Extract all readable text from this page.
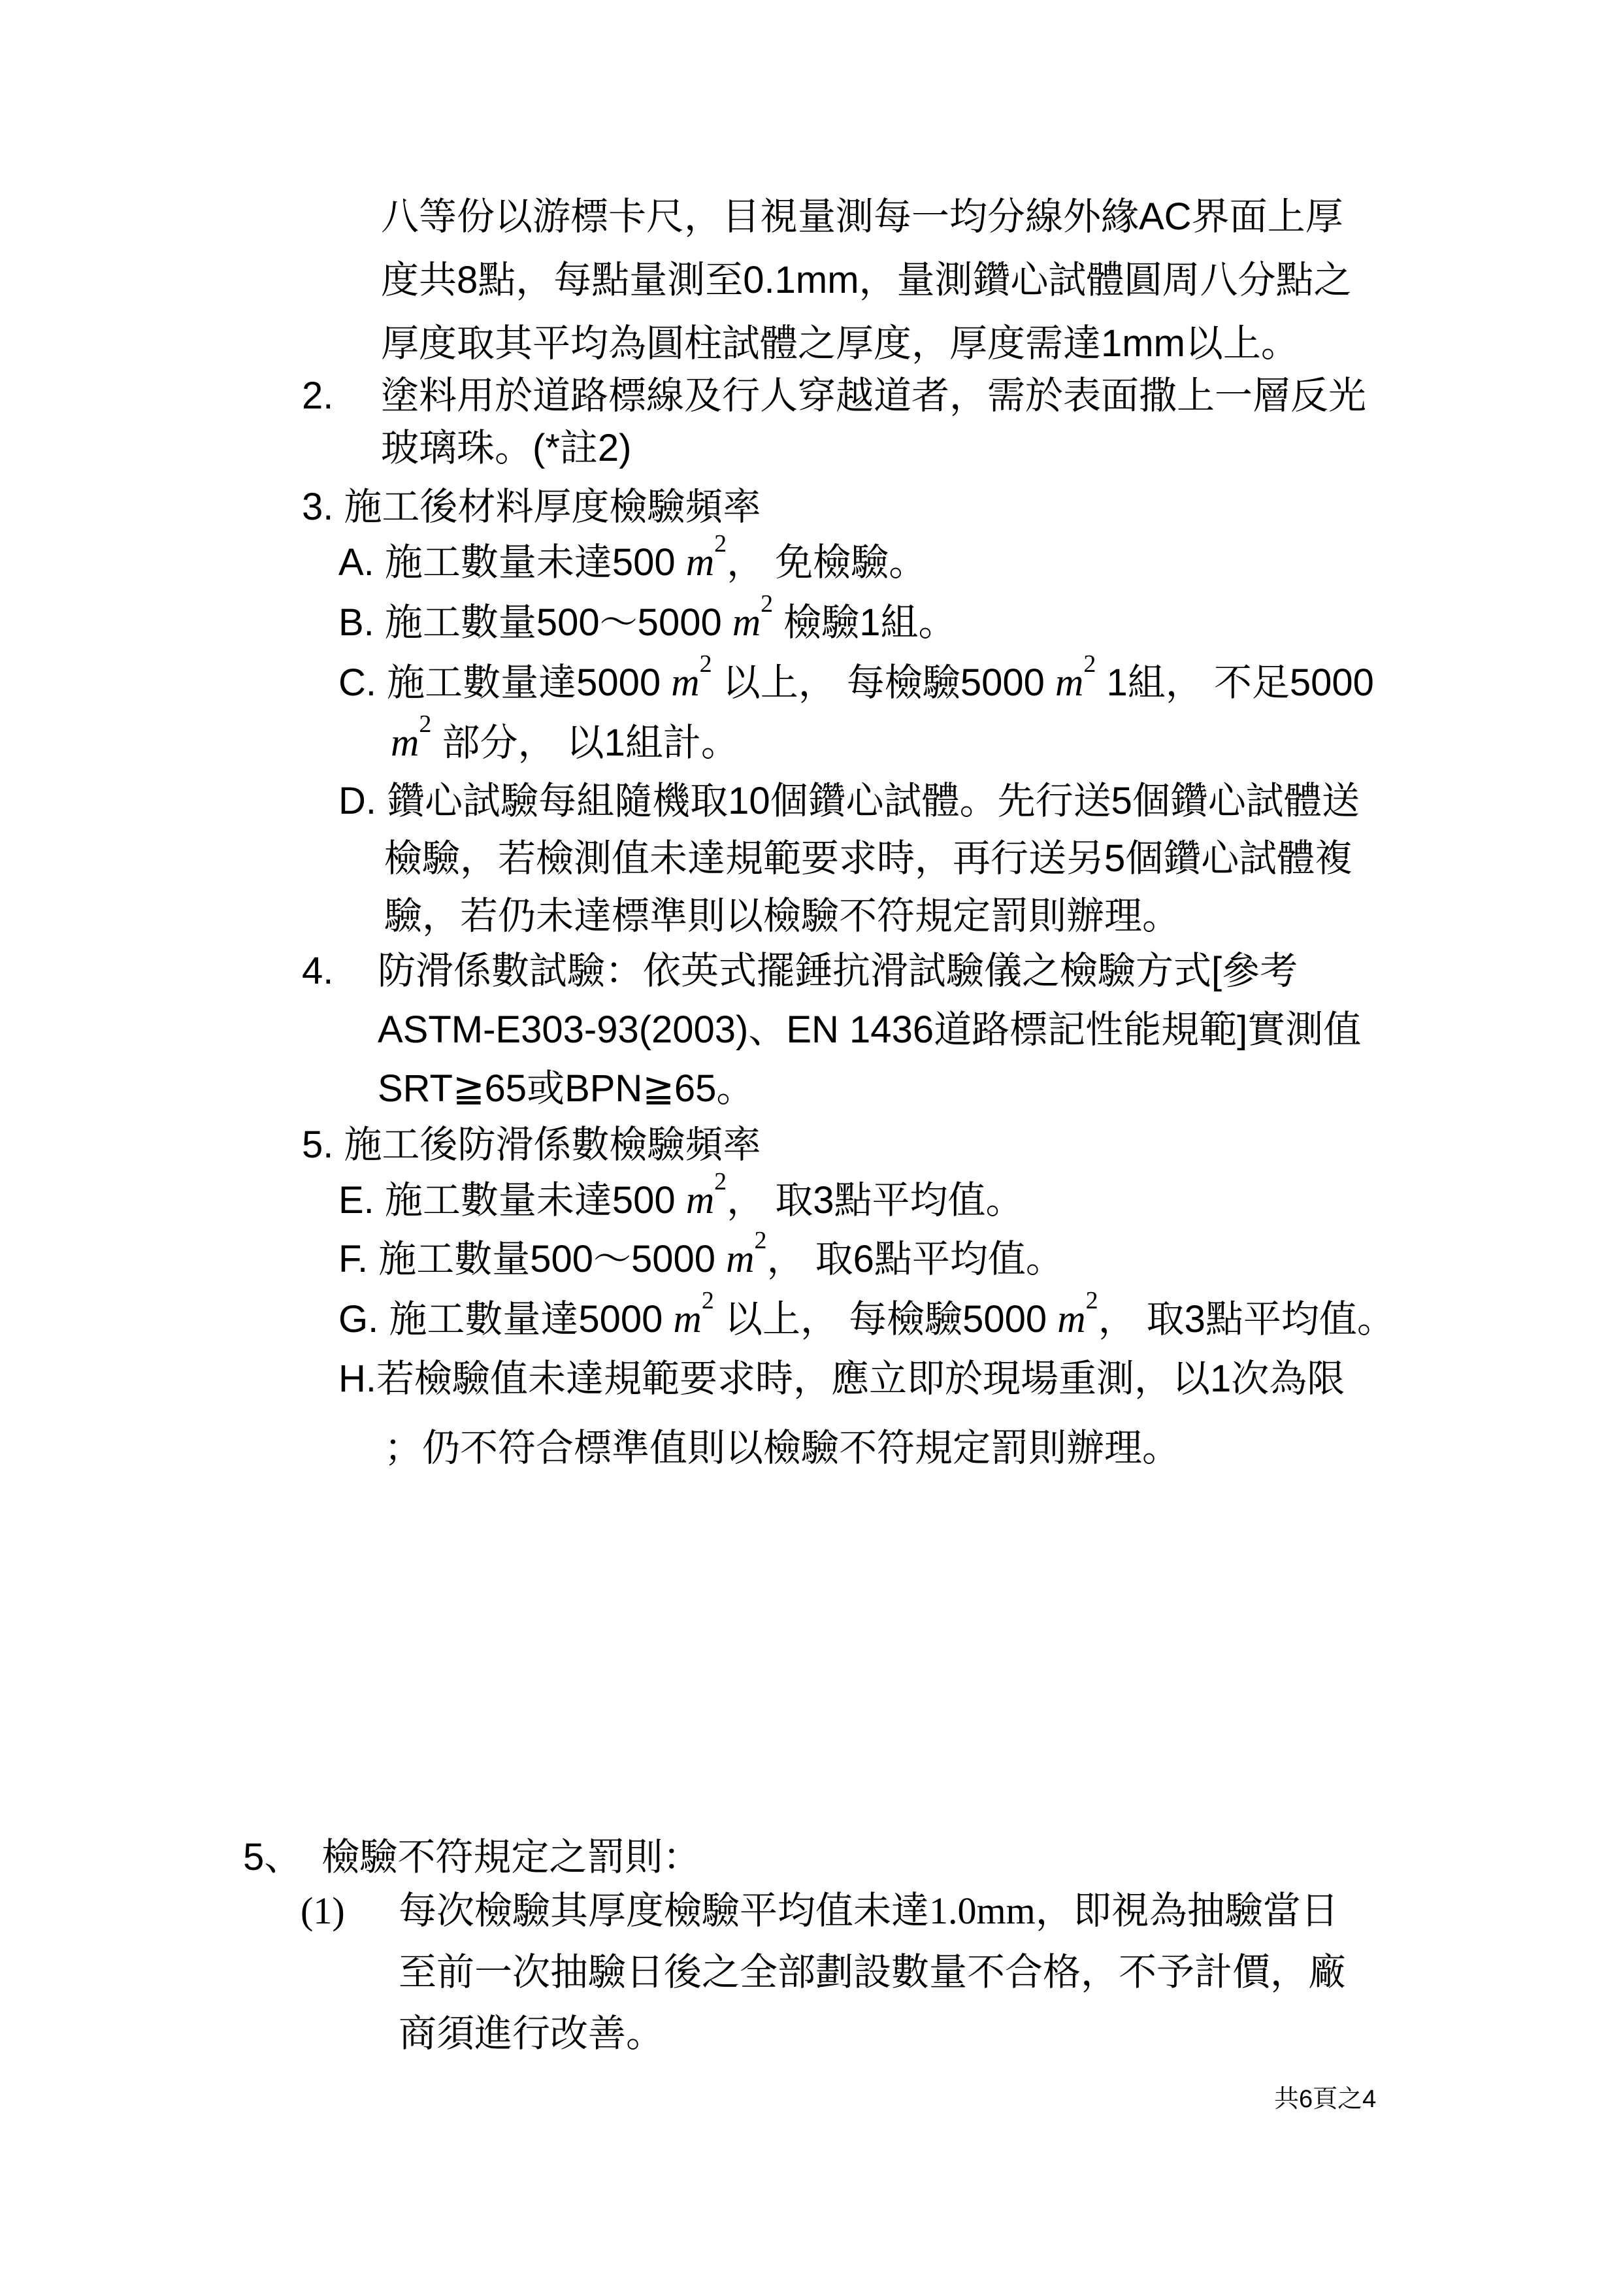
八等份以游標卡尺，目視量測每一均分線外緣AC界面上厚
度共8點，每點量測至0.1mm，量測鑽心試體圓周八分點之
厚度取其平均為圓柱試體之厚度，厚度需達1mm以上。
2. 塗料用於道路標線及行人穿越道者，需於表面撒上一層反光
玻璃珠。(*註2)
3. 施工後材料厚度檢驗頻率
A. 施工數量未達500 $m^2$， 免檢驗。
B. 施工數量500～5000 $m^2$ 檢驗1組。
C. 施工數量達5000 $m^2$ 以上， 每檢驗5000 $m^2$ 1組， 不足5000
$m^2$ 部分， 以1組計。
D. 鑽心試驗每組隨機取10個鑽心試體。先行送5個鑽心試體送
檢驗，若檢測值未達規範要求時，再行送另5個鑽心試體複
驗，若仍未達標準則以檢驗不符規定罰則辦理。
4. 防滑係數試驗：依英式擺錘抗滑試驗儀之檢驗方式[參考
ASTM-E303-93(2003)、EN 1436道路標記性能規範]實測值
SRT≧65或BPN≧65。
5. 施工後防滑係數檢驗頻率
E. 施工數量未達500 $m^2$， 取3點平均值。
F. 施工數量500～5000 $m^2$， 取6點平均值。
G. 施工數量達5000 $m^2$ 以上， 每檢驗5000 $m^2$， 取3點平均值。
H.若檢驗值未達規範要求時，應立即於現場重測，以1次為限
；仍不符合標準值則以檢驗不符規定罰則辦理。
5、 檢驗不符規定之罰則：
(1) 每次檢驗其厚度檢驗平均值未達1.0mm，即視為抽驗當日
至前一次抽驗日後之全部劃設數量不合格，不予計價，廠
商須進行改善。
共6頁之4
